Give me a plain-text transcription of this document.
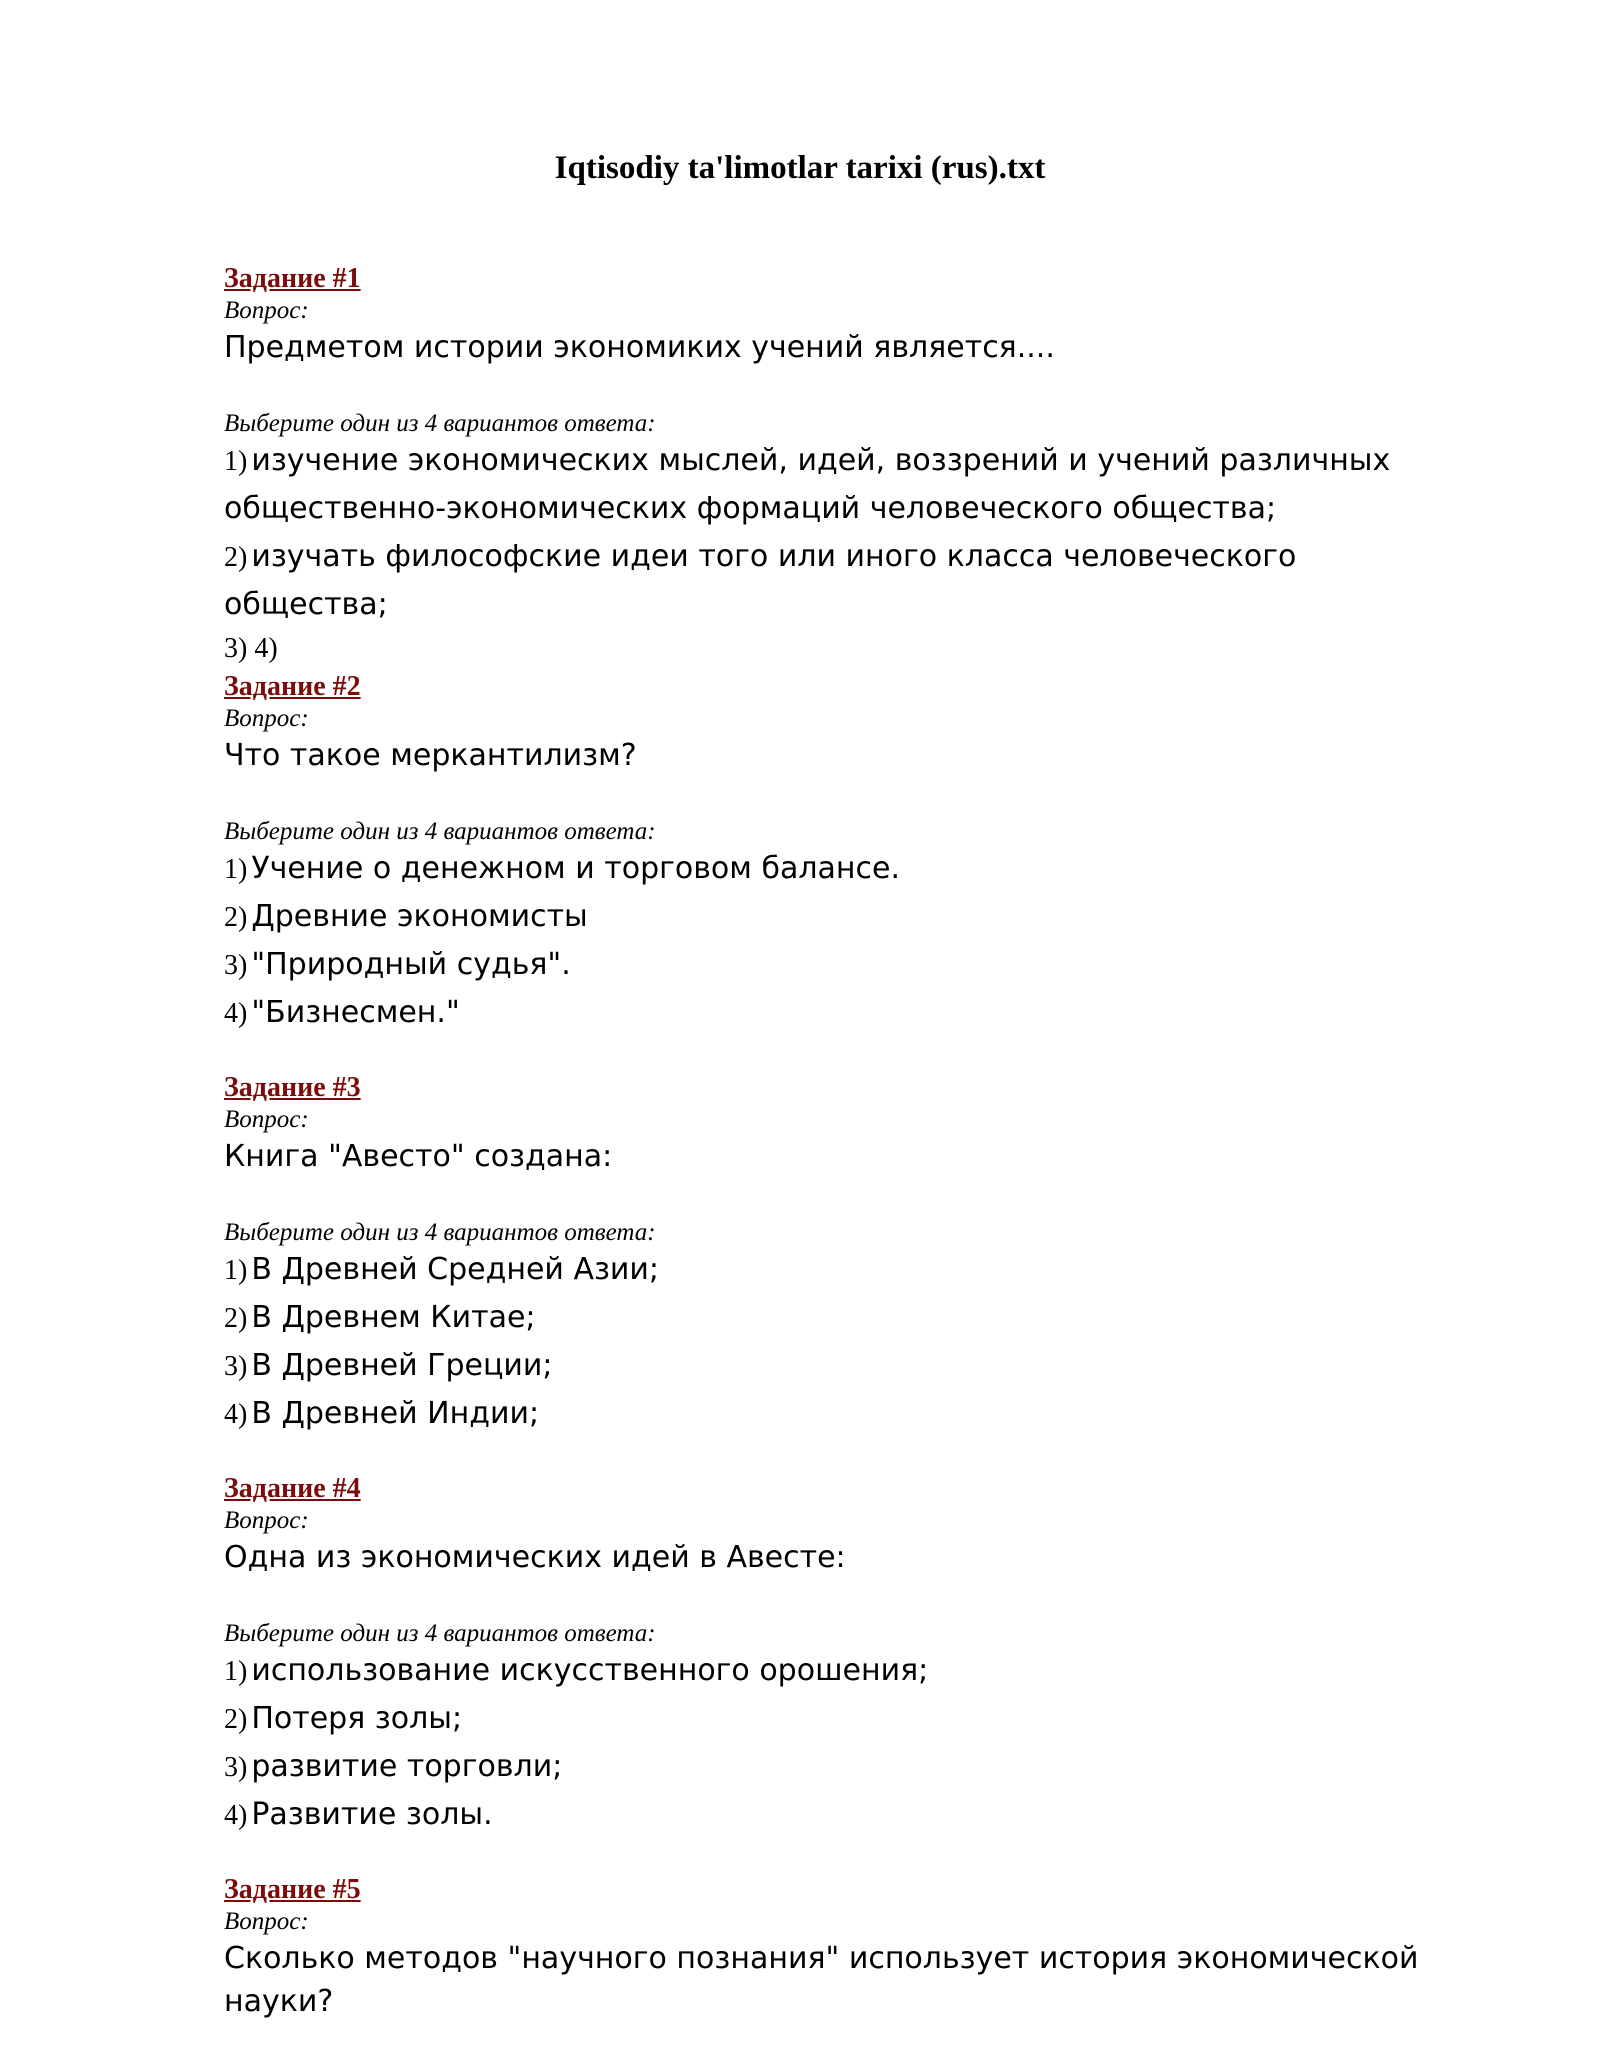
Iqtisodiy ta'limotlar tarixi (rus).txt
Задание #1
Вопрос:
Предметом истории экономиких учений является....
Выберите один из 4 вариантов ответа:
1) изучение экономических мыслей, идей, воззрений и учений различных общественно-экономических формаций человеческого общества;
2) изучать философские идеи того или иного класса человеческого общества;
3) 4)
Задание #2
Вопрос:
Что такое меркантилизм?
Выберите один из 4 вариантов ответа:
1) Учение о денежном и торговом балансе.
2) Древние экономисты
3) "Природный судья".
4) "Бизнесмен."
Задание #3
Вопрос:
Книга "Авесто" создана:
Выберите один из 4 вариантов ответа:
1) В Древней Средней Азии;
2) В Древнем Китае;
3) В Древней Греции;
4) В Древней Индии;
Задание #4
Вопрос:
Одна из экономических идей в Авесте:
Выберите один из 4 вариантов ответа:
1) использование искусственного орошения;
2) Потеря золы;
3) развитие торговли;
4) Развитие золы.
Задание #5
Вопрос:
Сколько методов "научного познания" использует история экономической науки?
